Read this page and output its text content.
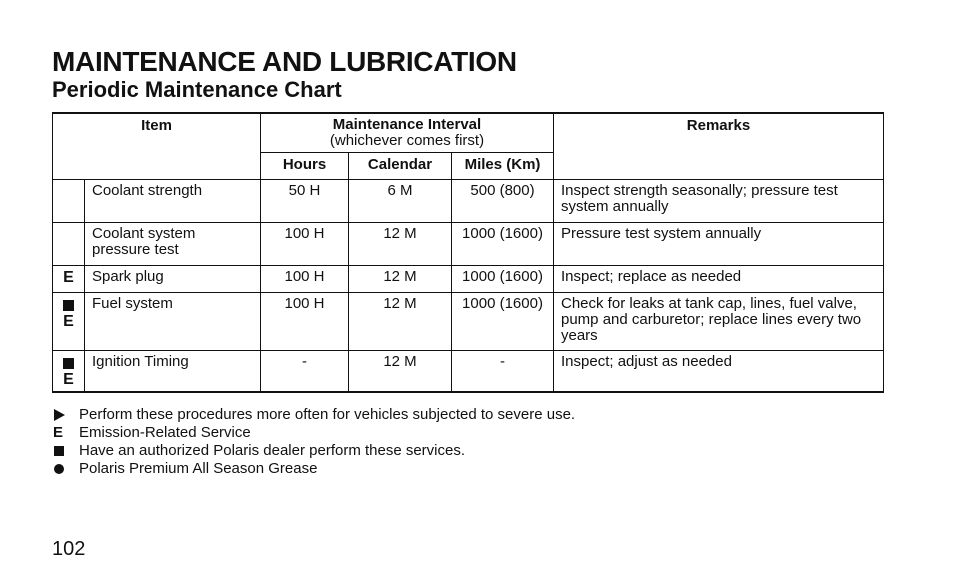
MAINTENANCE AND LUBRICATION
Periodic Maintenance Chart
Item		Maintenance Interval
(whichever comes first)			Remarks
		Hours	Calendar	Miles (Km)	
	Coolant strength	50 H	6 M	500 (800)	Inspect strength seasonally; pressure test system annually
	Coolant system pressure test	100 H	12 M	1000 (1600)	Pressure test system annually
E	Spark plug	100 H	12 M	1000 (1600)	Inspect; replace as needed

E	Fuel system	100 H	12 M	1000 (1600)	Check for leaks at tank cap, lines, fuel valve, pump and carburetor; replace lines every two years

E	Ignition Timing	-	12 M	-	Inspect; adjust as needed
Perform these procedures more often for vehicles subjected to severe use.
E Emission-Related Service
Have an authorized Polaris dealer perform these services.
Polaris Premium All Season Grease
102
